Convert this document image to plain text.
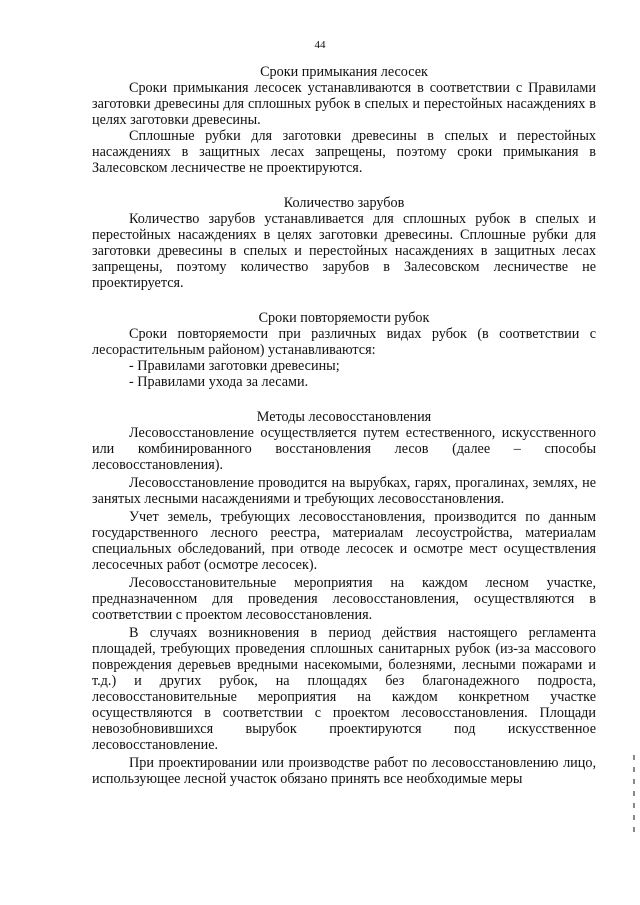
44
Сроки примыкания лесосек

Сроки примыкания лесосек устанавливаются в соответствии с Правилами заготовки древесины для сплошных рубок в спелых и перестойных насаждениях в целях заготовки древесины.

Сплошные рубки для заготовки древесины в спелых и перестойных насаждениях в защитных лесах запрещены, поэтому сроки примыкания в Залесовском лесничестве не проектируются.

Количество зарубов

Количество зарубов устанавливается для сплошных рубок в спелых и перестойных насаждениях в целях заготовки древесины. Сплошные рубки для заготовки древесины в спелых и перестойных насаждениях в защитных лесах запрещены, поэтому количество зарубов в Залесовском лесничестве не проектируется.

Сроки повторяемости рубок

Сроки повторяемости при различных видах рубок (в соответствии с лесорастительным районом) устанавливаются:

- Правилами заготовки древесины;

- Правилами ухода за лесами.

Методы лесовосстановления

Лесовосстановление осуществляется путем естественного, искусственного или комбинированного восстановления лесов (далее – способы лесовосстановления).

Лесовосстановление проводится на вырубках, гарях, прогалинах, землях, не занятых лесными насаждениями и требующих лесовосстановления.

Учет земель, требующих лесовосстановления, производится по данным государственного лесного реестра, материалам лесоустройства, материалам специальных обследований, при отводе лесосек и осмотре мест осуществления лесосечных работ (осмотре лесосек).

Лесовосстановительные мероприятия на каждом лесном участке, предназначенном для проведения лесовосстановления, осуществляются в соответствии с проектом лесовосстановления.

В случаях возникновения в период действия настоящего регламента площадей, требующих проведения сплошных санитарных рубок (из-за массового повреждения деревьев вредными насекомыми, болезнями, лесными пожарами и т.д.) и других рубок, на площадях без благонадежного подроста, лесовосстановительные мероприятия на каждом конкретном участке осуществляются в соответствии с проектом лесовосстановления. Площади невозобновившихся вырубок проектируются под искусственное лесовосстановление.

При проектировании или производстве работ по лесовосстановлению лицо, использующее лесной участок обязано принять все необходимые меры
